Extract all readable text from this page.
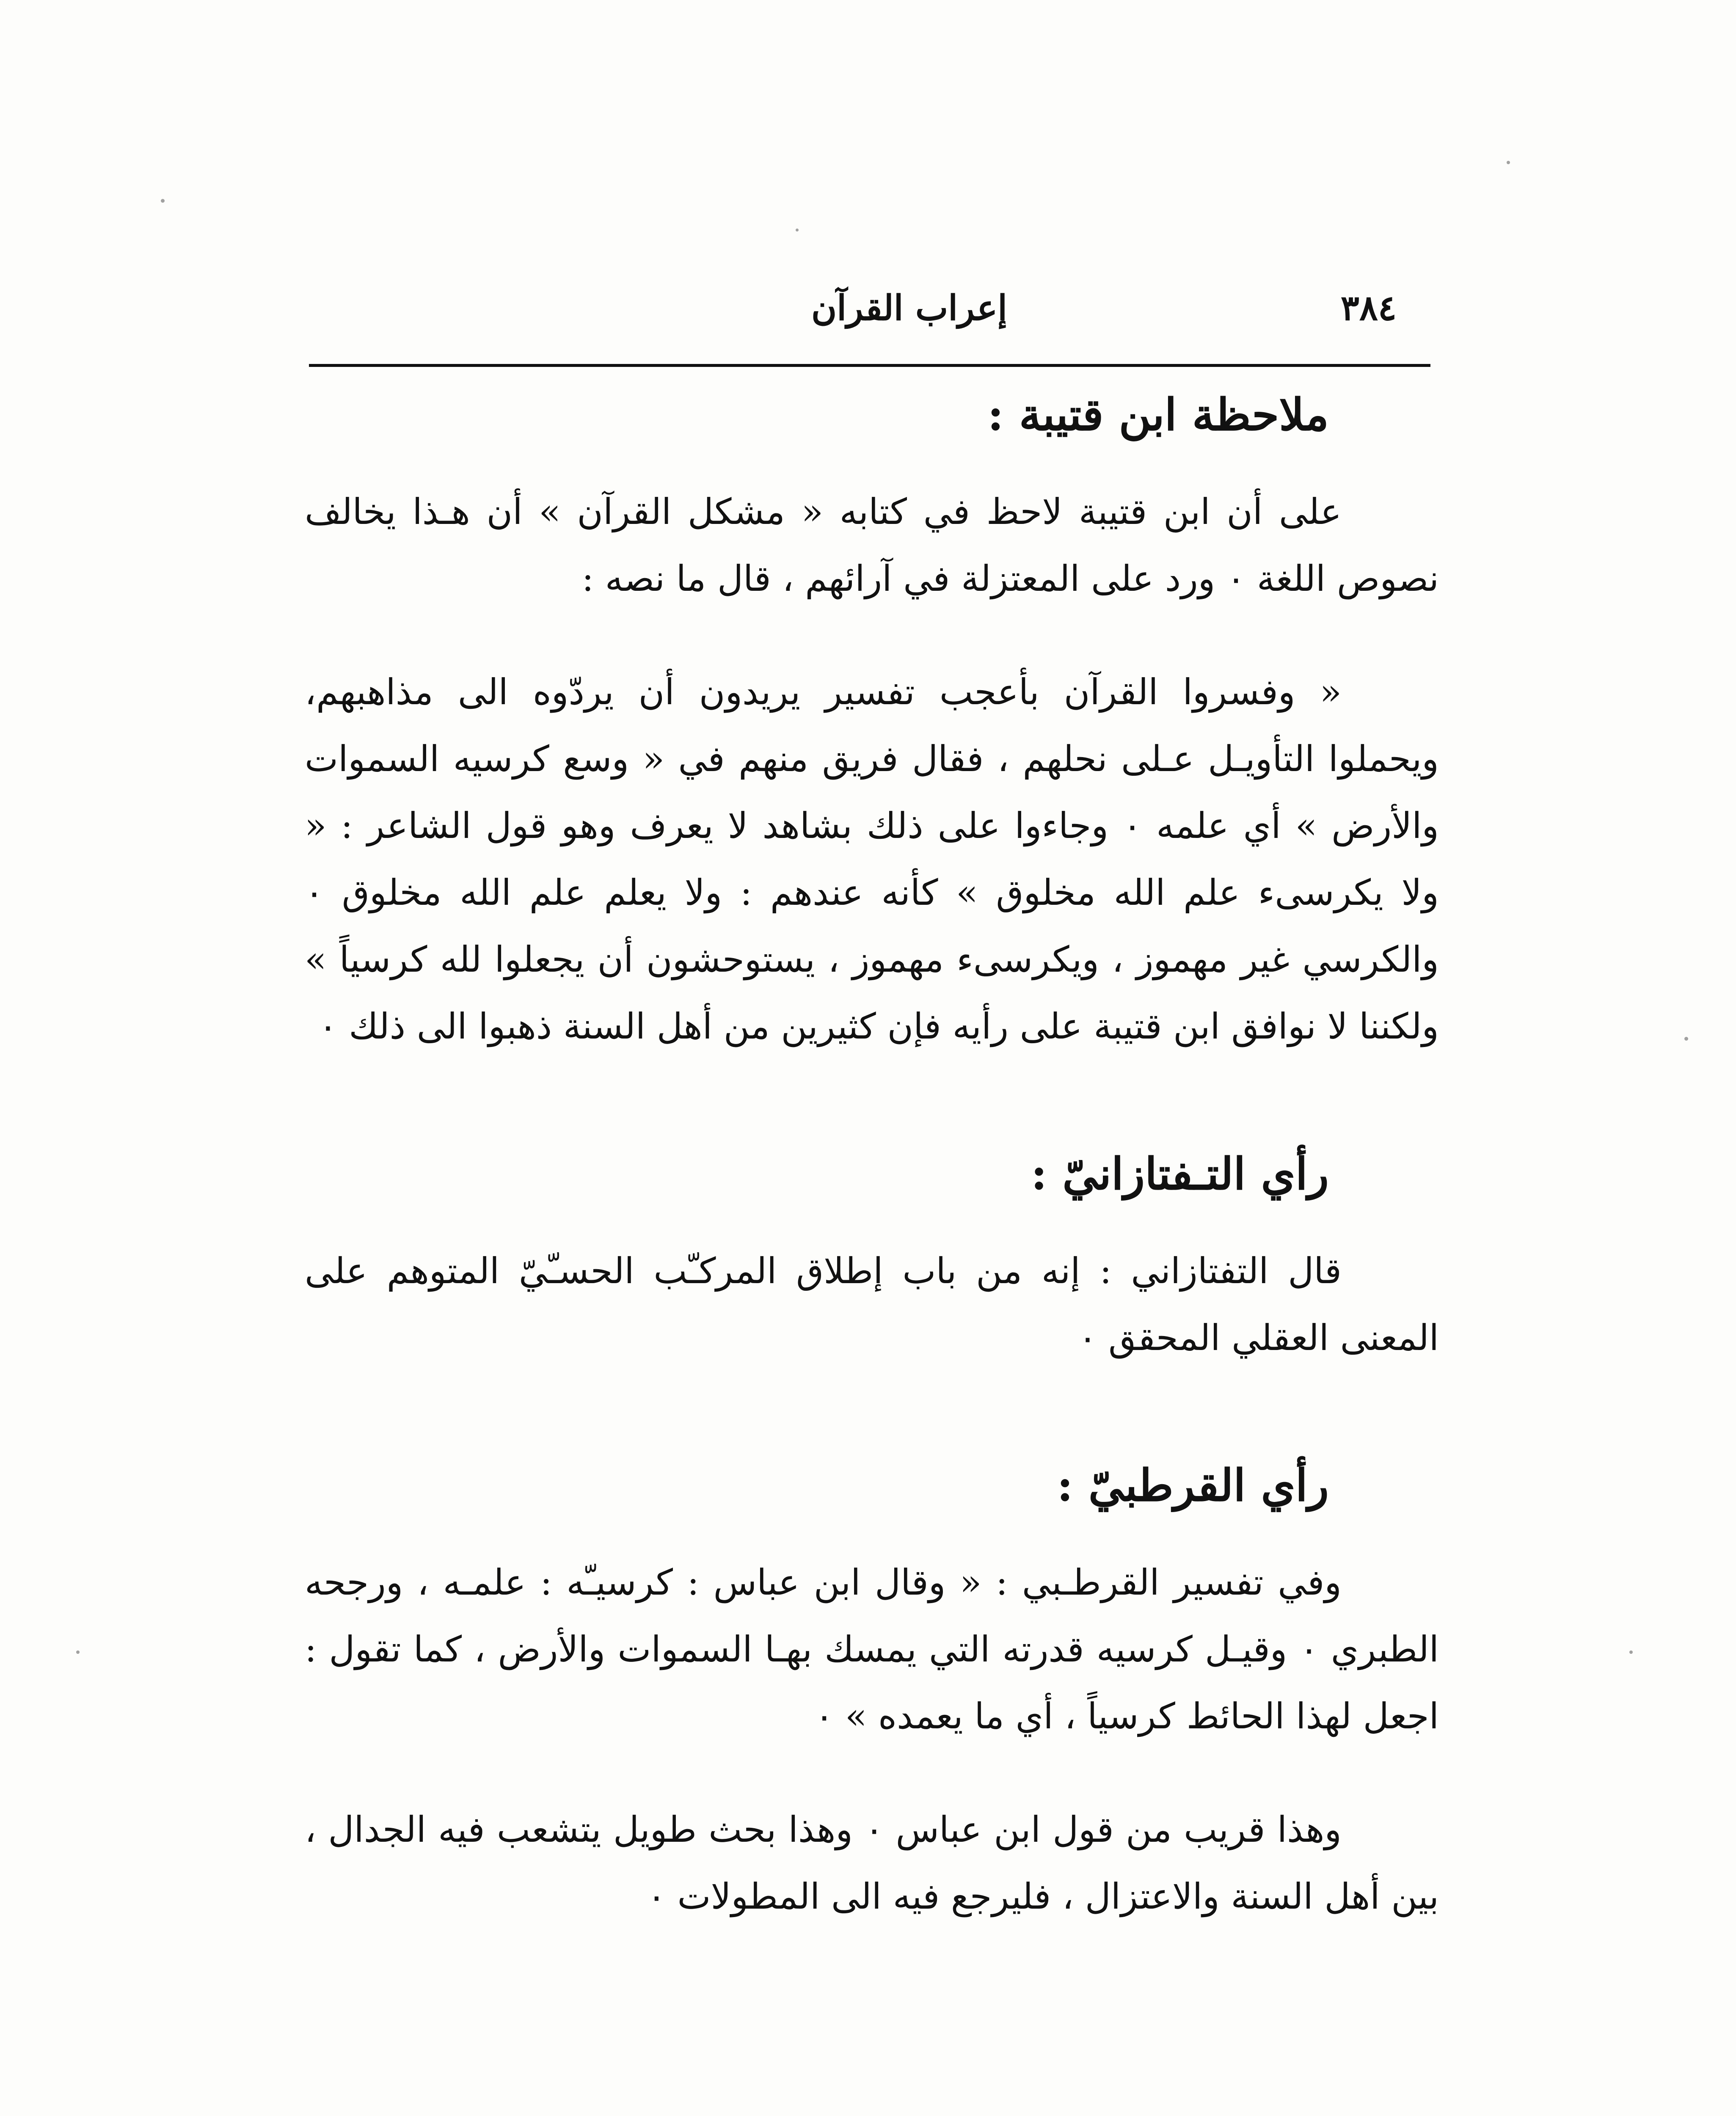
٣٨٤
إعراب القرآن
ملاحظة ابن قتيبة :

على أن ابن قتيبة لاحظ في كتابه « مشكل القرآن » أن هـذا يخالف نصوص اللغة ٠ ورد على المعتزلة في آرائهم ، قال ما نصه :

« وفسروا القرآن بأعجب تفسير يريدون أن يردّوه الى مذاهبهم، ويحملوا التأويـل عـلى نحلهم ، فقال فريق منهم في « وسع كرسيه السموات والأرض » أي علمه ٠ وجاءوا على ذلك بشاهد لا يعرف وهو قول الشاعر : « ولا يكرسىء علم الله مخلوق » كأنه عندهم : ولا يعلم علم الله مخلوق ٠ والكرسي غير مهموز ، ويكرسىء مهموز ، يستوحشون أن يجعلوا لله كرسياً » ولكننا لا نوافق ابن قتيبة على رأيه فإن كثيرين من أهل السنة ذهبوا الى ذلك ٠

رأي التـفتازانيّ :

قال التفتازاني : إنه من باب إطلاق المركـّب الحسـّيّ المتوهم على المعنى العقلي المحقق ٠

رأي القرطبيّ :

وفي تفسير القرطـبي : « وقال ابن عباس : كرسيـّه : علمـه ، ورجحه الطبري ٠ وقيـل كرسيه قدرته التي يمسك بهـا السموات والأرض ، كما تقول : اجعل لهذا الحائط كرسياً ، أي ما يعمده » ٠

وهذا قريب من قول ابن عباس ٠ وهذا بحث طويل يتشعب فيه الجدال ، بين أهل السنة والاعتزال ، فليرجع فيه الى المطولات ٠
